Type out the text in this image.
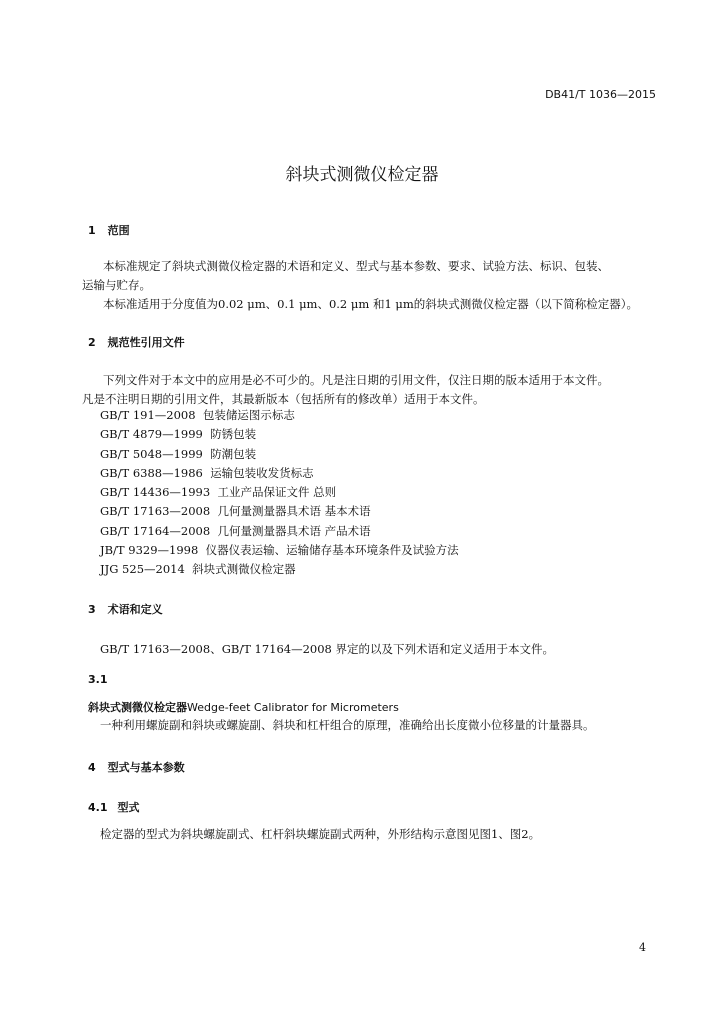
DB41/T 1036—2015
斜块式测微仪检定器
1 范围
本标准规定了斜块式测微仪检定器的术语和定义、型式与基本参数、要求、试验方法、标识、包装、
运输与贮存。
本标准适用于分度值为0.02 μm、0.1 μm、0.2 μm 和1 μm的斜块式测微仪检定器（以下简称检定器）。
2 规范性引用文件
下列文件对于本文中的应用是必不可少的。凡是注日期的引用文件，仅注日期的版本适用于本文件。
凡是不注明日期的引用文件，其最新版本（包括所有的修改单）适用于本文件。
GB/T 191—2008 包装储运图示标志
GB/T 4879—1999 防锈包装
GB/T 5048—1999 防潮包装
GB/T 6388—1986 运输包装收发货标志
GB/T 14436—1993 工业产品保证文件 总则
GB/T 17163—2008 几何量测量器具术语 基本术语
GB/T 17164—2008 几何量测量器具术语 产品术语
JB/T 9329—1998 仪器仪表运输、运输储存基本环境条件及试验方法
JJG 525—2014 斜块式测微仪检定器
3 术语和定义
GB/T 17163—2008、GB/T 17164—2008 界定的以及下列术语和定义适用于本文件。
3.1
斜块式测微仪检定器Wedge-feet Calibrator for Micrometers
一种利用螺旋副和斜块或螺旋副、斜块和杠杆组合的原理，准确给出长度微小位移量的计量器具。
4 型式与基本参数
4.1 型式
检定器的型式为斜块螺旋副式、杠杆斜块螺旋副式两种，外形结构示意图见图1、图2。
4
